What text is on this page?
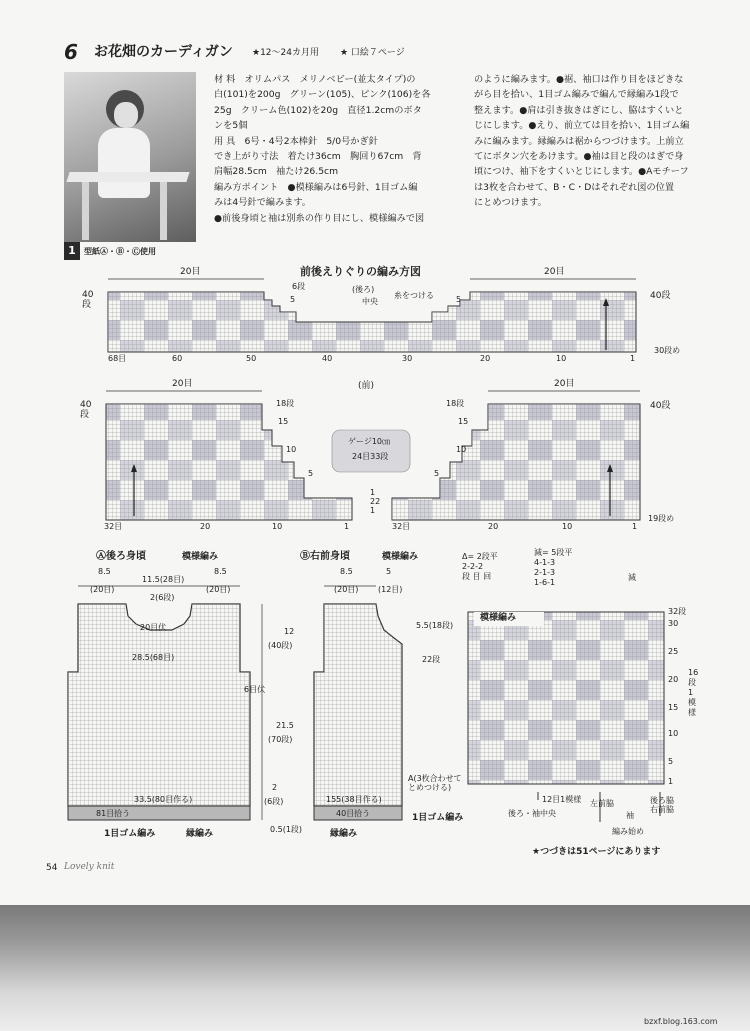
6 お花畑のカーディガン ★12～24カ月用 ★ 口絵７ページ
1	型紙Ⓐ・Ⓑ・Ⓒ使用
材 料　オリムパス　メリノベビー(並太タイプ)の
白(101)を200g　グリーン(105)、ピンク(106)を各
25g　クリーム色(102)を20g　直径1.2cmのボタ
ンを5個
用 具　6号・4号2本棒針　5/0号かぎ針
でき上がり寸法　着たけ36cm　胸回り67cm　背
肩幅28.5cm　袖たけ26.5cm
編み方ポイント　●模様編みは6号針、1目ゴム編
みは4号針で編みます。
●前後身頃と袖は別糸の作り目にし、模様編みで図
のように編みます。●裾、袖口は作り目をほどきな
がら目を拾い、1目ゴム編みで編んで縁編み1段で
整えます。●肩は引き抜きはぎにし、脇はすくいと
じにします。●えり、前立ては目を拾い、1目ゴム編
みに編みます。縁編みは裾からつづけます。上前立
てにボタン穴をあけます。●袖は目と段のはぎで身
頃につけ、袖下をすくいとじにします。●Aモチーフ
は3枚を合わせて、B・C・Dはそれぞれ図の位置
にとめつけます。
前後えりぐりの編み方図
20目	20目
40
段
40段
6段	(後ろ)
中央
糸をつける
5	5
68目	60	50	40	30	20	10	1
30段め
(前)
20目	20目
40
段
40段
18段
15
10
5
18段
15
10
5
ゲージ10㎝
24目33段
1
22
1
32目	20	10	1	32目	20	10	1
19段め
Ⓐ後ろ身頃	模様編み
8.5
11.5(28目)
8.5
(20目)	(20目)
2(6段)
20目伏
28.5(68目)
33.5(80目作る)
81目拾う
12
(40段)
21.5
(70段)
2
(6段)
0.5(1段)
6目伏
1目ゴム編み	縁編み
Ⓑ右前身頃	模様編み
8.5	5
(20目) (12目)
5.5(18段)
22段
155(38目作る)
40目拾う
A(3枚合わせて
とめつける)
1目ゴム編み
縁編み
Δ= 2段平
2-2-2
段 目 回
減= 5段平
4-1-3
2-1-3
1-6-1
減
模様編み
32段
30
25
20
15
10
5
1
16段1模様
12目1模様
後ろ・袖中央
左前脇
袖
後ろ脇
右前脇
編み始め
★つづきは51ページにあります
54 Lovely knit
bzxf.blog.163.com
